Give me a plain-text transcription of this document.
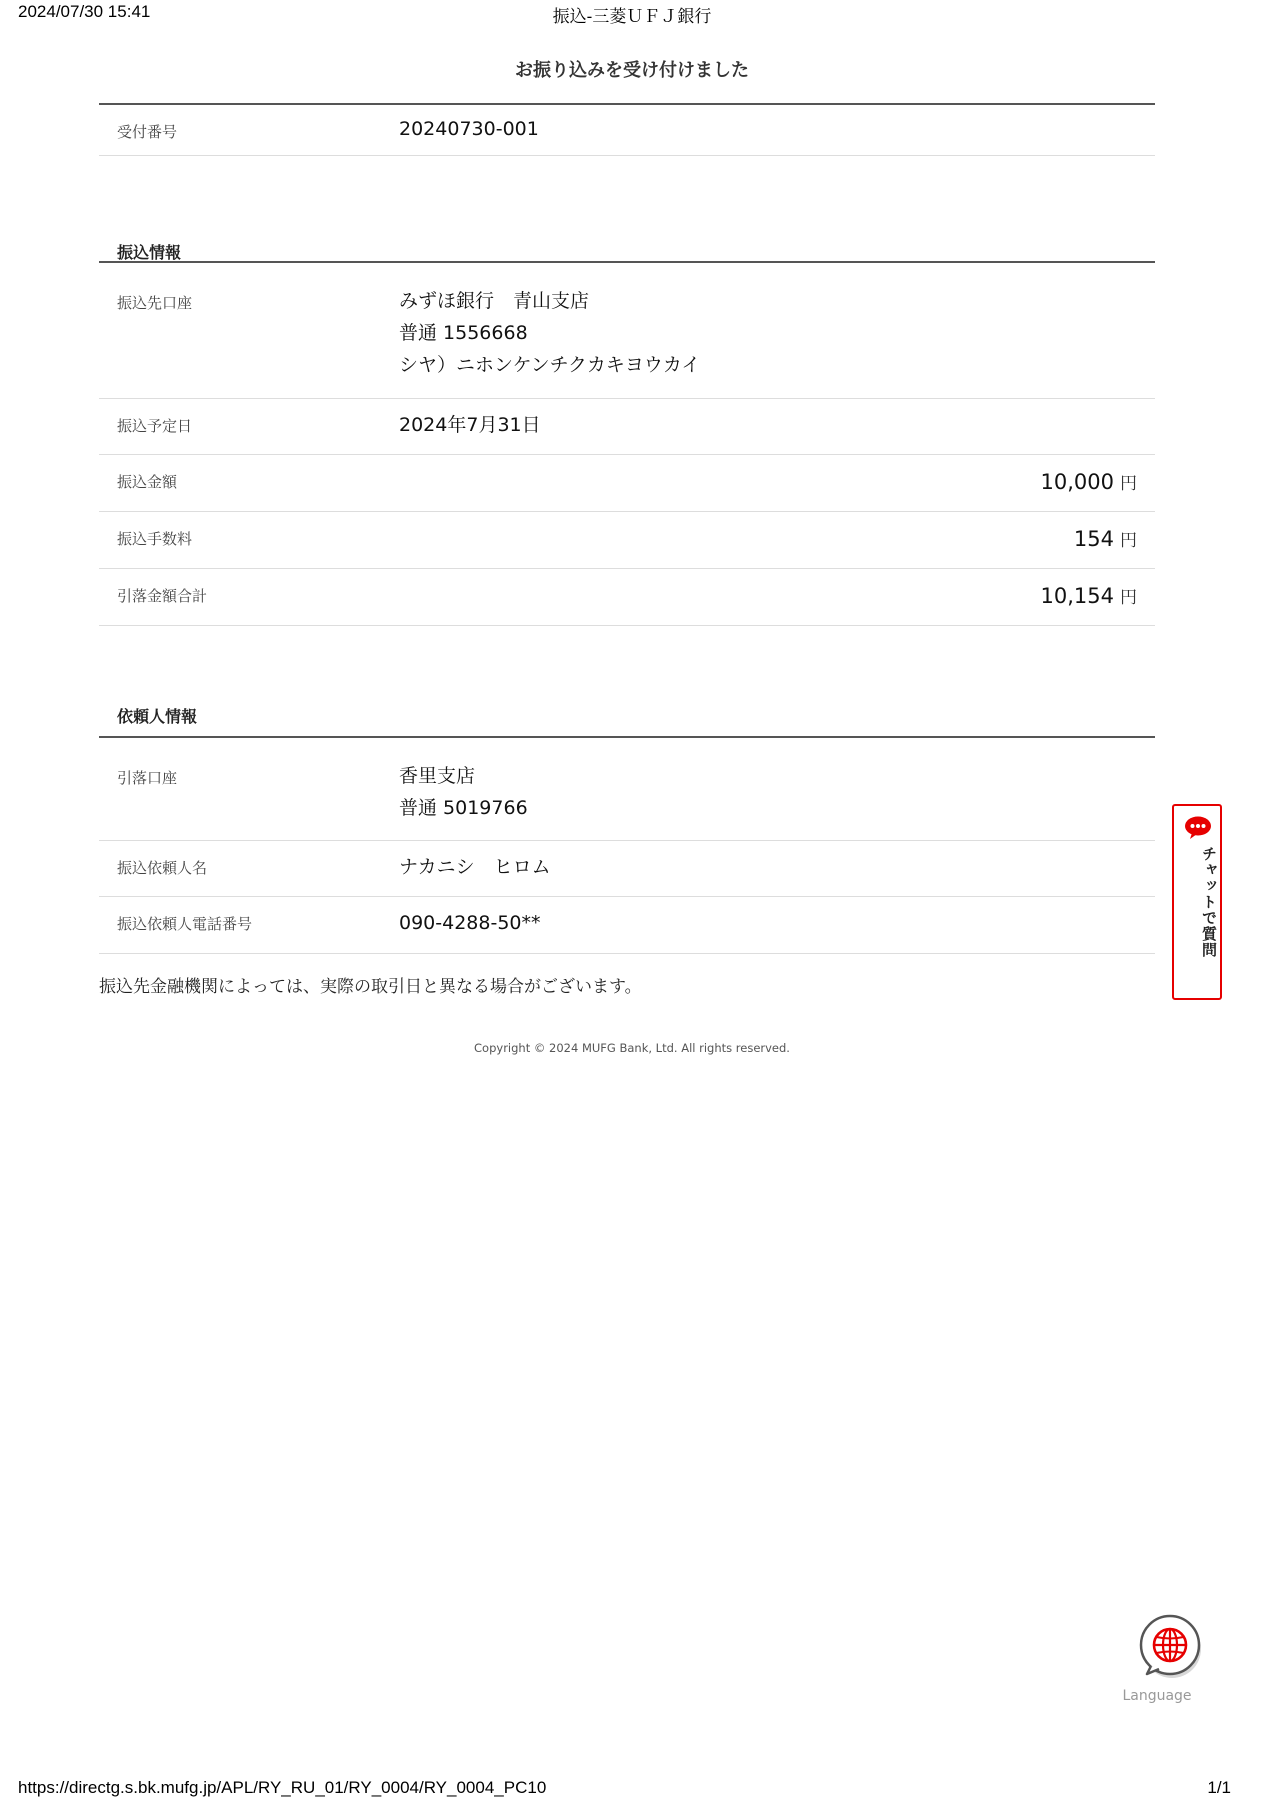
2024/07/30 15:41	振込-三菱ＵＦＪ銀行
お振り込みを受け付けました
受付番号	20240730-001
振込情報
振込先口座	みずほ銀行　青山支店
普通 1556668
シヤ）ニホンケンチクカキヨウカイ
振込予定日	2024年7月31日
振込金額	10,000 円
振込手数料	154 円
引落金額合計	10,154 円
依頼人情報
引落口座	香里支店
普通 5019766
振込依頼人名	ナカニシ　ヒロム
振込依頼人電話番号	090-4288-50**
振込先金融機関によっては、実際の取引日と異なる場合がございます。
Copyright © 2024 MUFG Bank, Ltd. All rights reserved.
チャットで質問
Language
https://directg.s.bk.mufg.jp/APL/RY_RU_01/RY_0004/RY_0004_PC10	1/1
